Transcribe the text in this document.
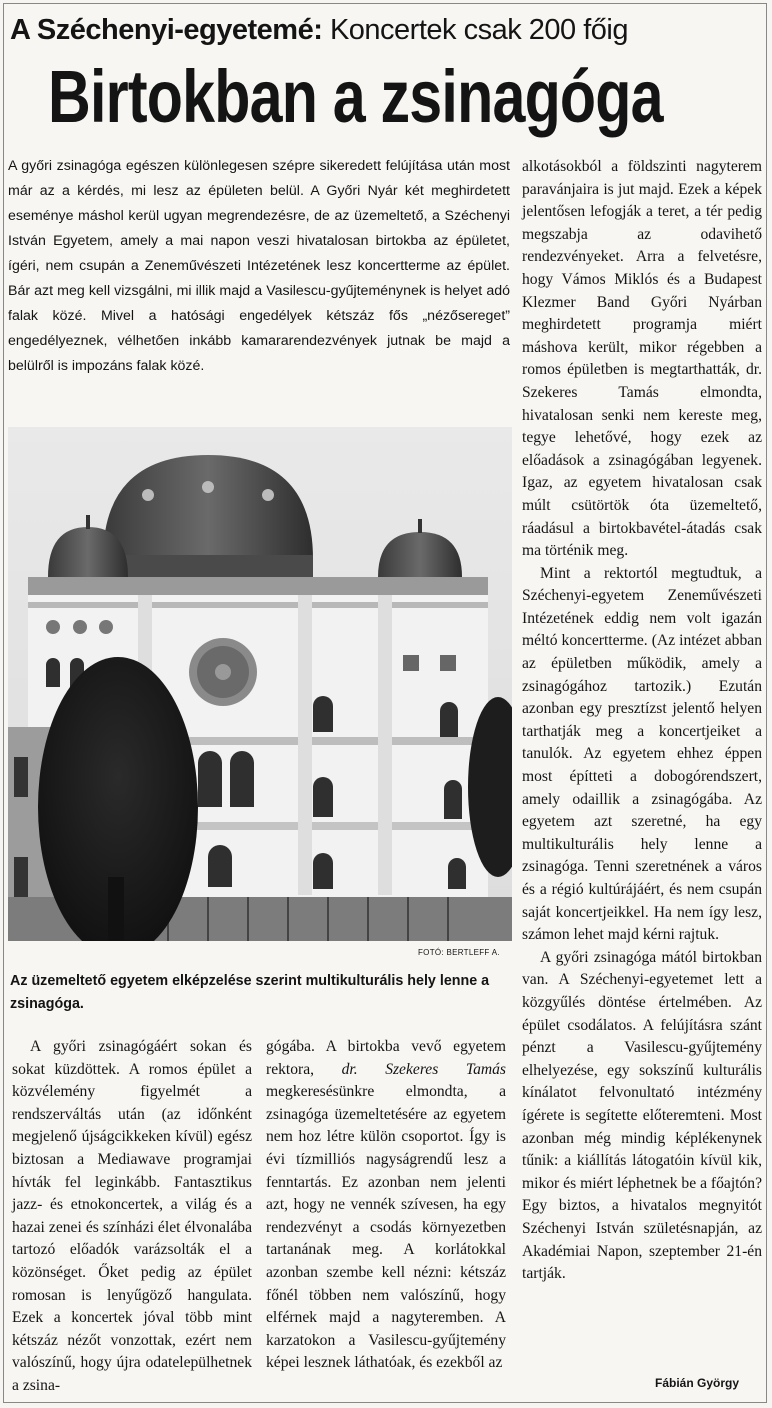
A Széchenyi-egyetemé: Koncertek csak 200 főig
Birtokban a zsinagóga
A győri zsinagóga egészen különlegesen szépre sikeredett felújítása után most már az a kérdés, mi lesz az épületen belül. A Győri Nyár két meghirdetett eseménye máshol kerül ugyan megrendezésre, de az üzemeltető, a Széchenyi István Egyetem, amely a mai napon veszi hivatalosan birtokba az épületet, ígéri, nem csupán a Zeneművészeti Intézetének lesz koncertterme az épület. Bár azt meg kell vizsgálni, mi illik majd a Vasilescu-gyűjteménynek is helyet adó falak közé. Mivel a hatósági engedélyek kétszáz fős „nézősereget” engedélyeznek, vélhetően inkább kamararendezvények jutnak be majd a belülről is impozáns falak közé.
FOTÓ: BERTLEFF A.
Az üzemeltető egyetem elképzelése szerint multikulturális hely lenne a zsinagóga.

A győri zsinagógáért sokan és sokat küzdöttek. A romos épület a közvélemény figyelmét a rendszerváltás után (az időnként megjelenő újságcikkeken kívül) egész biztosan a Mediawave programjai hívták fel leginkább. Fantasztikus jazz- és etnokoncertek, a világ és a hazai zenei és színházi élet élvonalába tartozó előadók varázsolták el a közönséget. Őket pedig az épület romosan is lenyűgöző hangulata. Ezek a koncertek jóval több mint kétszáz nézőt vonzottak, ezért nem valószínű, hogy újra odatelepülhetnek a zsina-

gógába. A birtokba vevő egyetem rektora, dr. Szekeres Tamás megkeresésünkre elmondta, a zsinagóga üzemeltetésére az egyetem nem hoz létre külön csoportot. Így is évi tízmilliós nagyságrendű lesz a fenntartás. Ez azonban nem jelenti azt, hogy ne vennék szívesen, ha egy rendezvényt a csodás környezetben tartanának meg. A korlátokkal azonban szembe kell nézni: kétszáz főnél többen nem valószínű, hogy elférnek majd a nagyteremben. A karzatokon a Vasilescu-gyűjtemény képei lesznek láthatóak, és ezekből az

alkotásokból a földszinti nagyterem paravánjaira is jut majd. Ezek a képek jelentősen lefogják a teret, a tér pedig megszabja az odavihető rendezvényeket. Arra a felvetésre, hogy Vámos Miklós és a Budapest Klezmer Band Győri Nyárban meghirdetett programja miért máshova került, mikor régebben a romos épületben is megtarthatták, dr. Szekeres Tamás elmondta, hivatalosan senki nem kereste meg, tegye lehetővé, hogy ezek az előadások a zsinagógában legyenek. Igaz, az egyetem hivatalosan csak múlt csütörtök óta üzemeltető, ráadásul a birtokbavétel-átadás csak ma történik meg.

Mint a rektortól megtudtuk, a Széchenyi-egyetem Zeneművészeti Intézetének eddig nem volt igazán méltó koncertterme. (Az intézet abban az épületben működik, amely a zsinagógához tartozik.) Ezután azonban egy presztízst jelentő helyen tarthatják meg a koncertjeiket a tanulók. Az egyetem ehhez éppen most építteti a dobogórendszert, amely odaillik a zsinagógába. Az egyetem azt szeretné, ha egy multikulturális hely lenne a zsinagóga. Tenni szeretnének a város és a régió kultúrájáért, és nem csupán saját koncertjeikkel. Ha nem így lesz, számon lehet majd kérni rajtuk.

A győri zsinagóga mától birtokban van. A Széchenyi-egyetemet lett a közgyűlés döntése értelmében. Az épület csodálatos. A felújításra szánt pénzt a Vasilescu-gyűjtemény elhelyezése, egy sokszínű kulturális kínálatot felvonultató intézmény ígérete is segítette előteremteni. Most azonban még mindig képlékenynek tűnik: a kiállítás látogatóin kívül kik, mikor és miért léphetnek be a főajtón? Egy biztos, a hivatalos megnyitót Széchenyi István születésnapján, az Akadémiai Napon, szeptember 21-én tartják.

Fábián György
